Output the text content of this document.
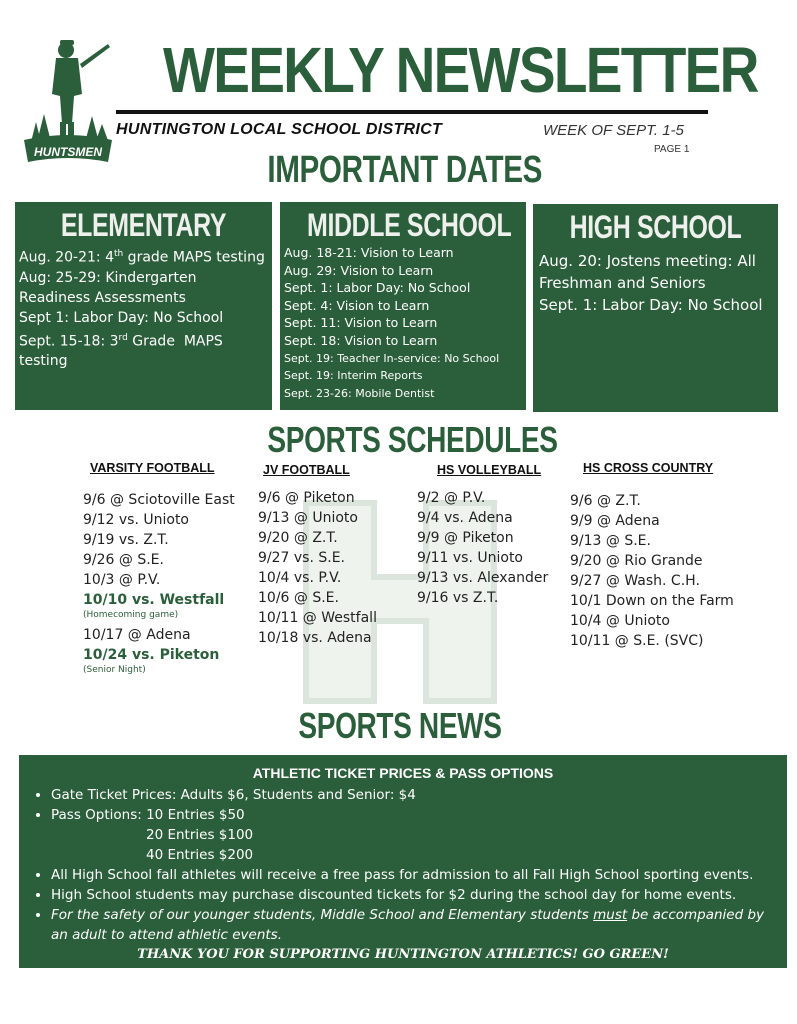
HUNTSMEN
WEEKLY NEWSLETTER
HUNTINGTON LOCAL SCHOOL DISTRICT	WEEK OF SEPT. 1-5
PAGE 1
IMPORTANT DATES
ELEMENTARY
Aug. 20-21: 4th grade MAPS testing
Aug: 25-29: Kindergarten Readiness Assessments
Sept 1: Labor Day: No School
Sept. 15-18: 3rd Grade  MAPS testing
MIDDLE SCHOOL
Aug. 18-21: Vision to Learn
Aug. 29: Vision to Learn
Sept. 1: Labor Day: No School
Sept. 4: Vision to Learn
Sept. 11: Vision to Learn
Sept. 18: Vision to Learn
Sept. 19: Teacher In-service: No School
Sept. 19: Interim Reports
Sept. 23-26: Mobile Dentist
HIGH SCHOOL
Aug. 20: Jostens meeting: All Freshman and Seniors
Sept. 1: Labor Day: No School
SPORTS SCHEDULES
VARSITY FOOTBALL
9/6 @ Sciotoville East
9/12 vs. Unioto
9/19 vs. Z.T.
9/26 @ S.E.
10/3 @ P.V.
10/10 vs. Westfall
(Homecoming game)
10/17 @ Adena
10/24 vs. Piketon
(Senior Night)
JV FOOTBALL
9/6 @ Piketon
9/13 @ Unioto
9/20 @ Z.T.
9/27 vs. S.E.
10/4 vs. P.V.
10/6 @ S.E.
10/11 @ Westfall
10/18 vs. Adena
HS VOLLEYBALL
9/2 @ P.V.
9/4 vs. Adena
9/9 @ Piketon
9/11 vs. Unioto
9/13 vs. Alexander
9/16 vs Z.T.
HS CROSS COUNTRY
9/6 @ Z.T.
9/9 @ Adena
9/13 @ S.E.
9/20 @ Rio Grande
9/27 @ Wash. C.H.
10/1 Down on the Farm
10/4 @ Unioto
10/11 @ S.E. (SVC)
SPORTS NEWS
ATHLETIC TICKET PRICES & PASS OPTIONS
• Gate Ticket Prices: Adults $6, Students and Senior: $4
• Pass Options: 10 Entries $50
20 Entries $100
40 Entries $200
• All High School fall athletes will receive a free pass for admission to all Fall High School sporting events.
• High School students may purchase discounted tickets for $2 during the school day for home events.
• For the safety of our younger students, Middle School and Elementary students must be accompanied by an adult to attend athletic events.
THANK YOU FOR SUPPORTING HUNTINGTON ATHLETICS! GO GREEN!
